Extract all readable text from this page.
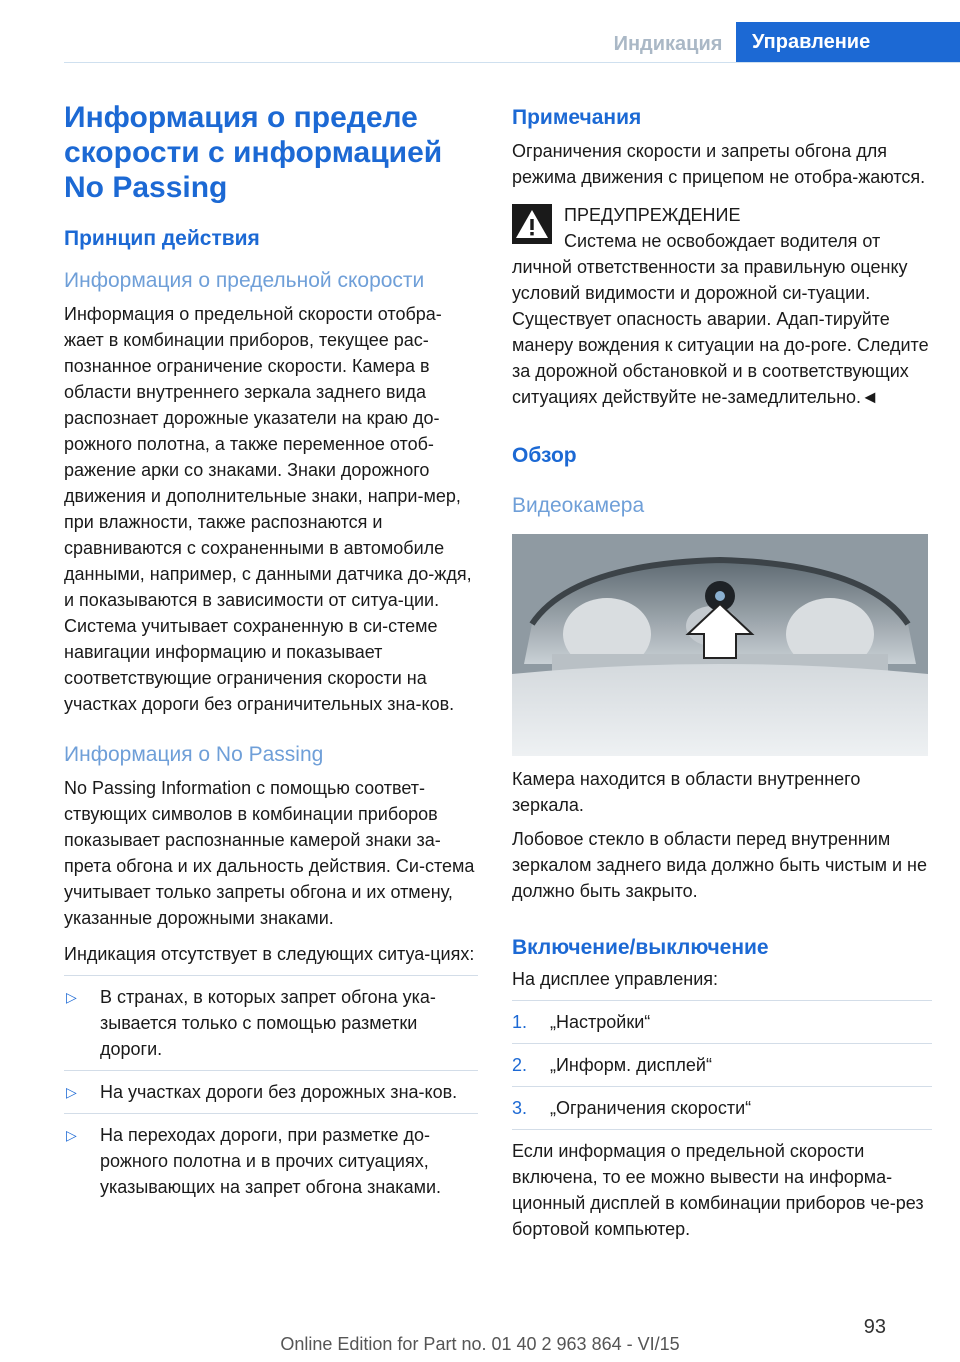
Индикация	Управление
Информация о пределе
скорости с информацией
No Passing
Принцип действия
Информация о предельной скорости

Информация о предельной скорости отобра-жает в комбинации приборов, текущее рас-познанное ограничение скорости. Камера в области внутреннего зеркала заднего вида распознает дорожные указатели на краю до-рожного полотна, а также переменное отоб-ражение арки со знаками. Знаки дорожного движения и дополнительные знаки, напри-мер, при влажности, также распознаются и сравниваются с сохраненными в автомобиле данными, например, с данными датчика до-ждя, и показываются в зависимости от ситуа-ции. Система учитывает сохраненную в си-стеме навигации информацию и показывает соответствующие ограничения скорости на участках дороги без ограничительных зна-ков.

Информация о No Passing

No Passing Information с помощью соответ-ствующих символов в комбинации приборов показывает распознанные камерой знаки за-прета обгона и их дальность действия. Си-стема учитывает только запреты обгона и их отмену, указанные дорожными знаками.

Индикация отсутствует в следующих ситуа-циях:

▷ В странах, в которых запрет обгона ука-зывается только с помощью разметки дороги.
▷ На участках дороги без дорожных зна-ков.
▷ На переходах дороги, при разметке до-рожного полотна и в прочих ситуациях, указывающих на запрет обгона знаками.
Примечания

Ограничения скорости и запреты обгона для режима движения с прицепом не отобра-жаются.

ПРЕДУПРЕЖДЕНИЕ
Система не освобождает водителя от

личной ответственности за правильную оценку условий видимости и дорожной си-туации. Существует опасность аварии. Адап-тируйте манеру вождения к ситуации на до-роге. Следите за дорожной обстановкой и в соответствующих ситуациях действуйте не-замедлительно.◄

Обзор
Видеокамера

Камера находится в области внутреннего зеркала.

Лобовое стекло в области перед внутренним зеркалом заднего вида должно быть чистым и не должно быть закрыто.

Включение/выключение

На дисплее управления:

1. „Настройки“
2. „Информ. дисплей“
3. „Ограничения скорости“

Если информация о предельной скорости включена, то ее можно вывести на информа-ционный дисплей в комбинации приборов че-рез бортовой компьютер.

93
Online Edition for Part no. 01 40 2 963 864 - VI/15
